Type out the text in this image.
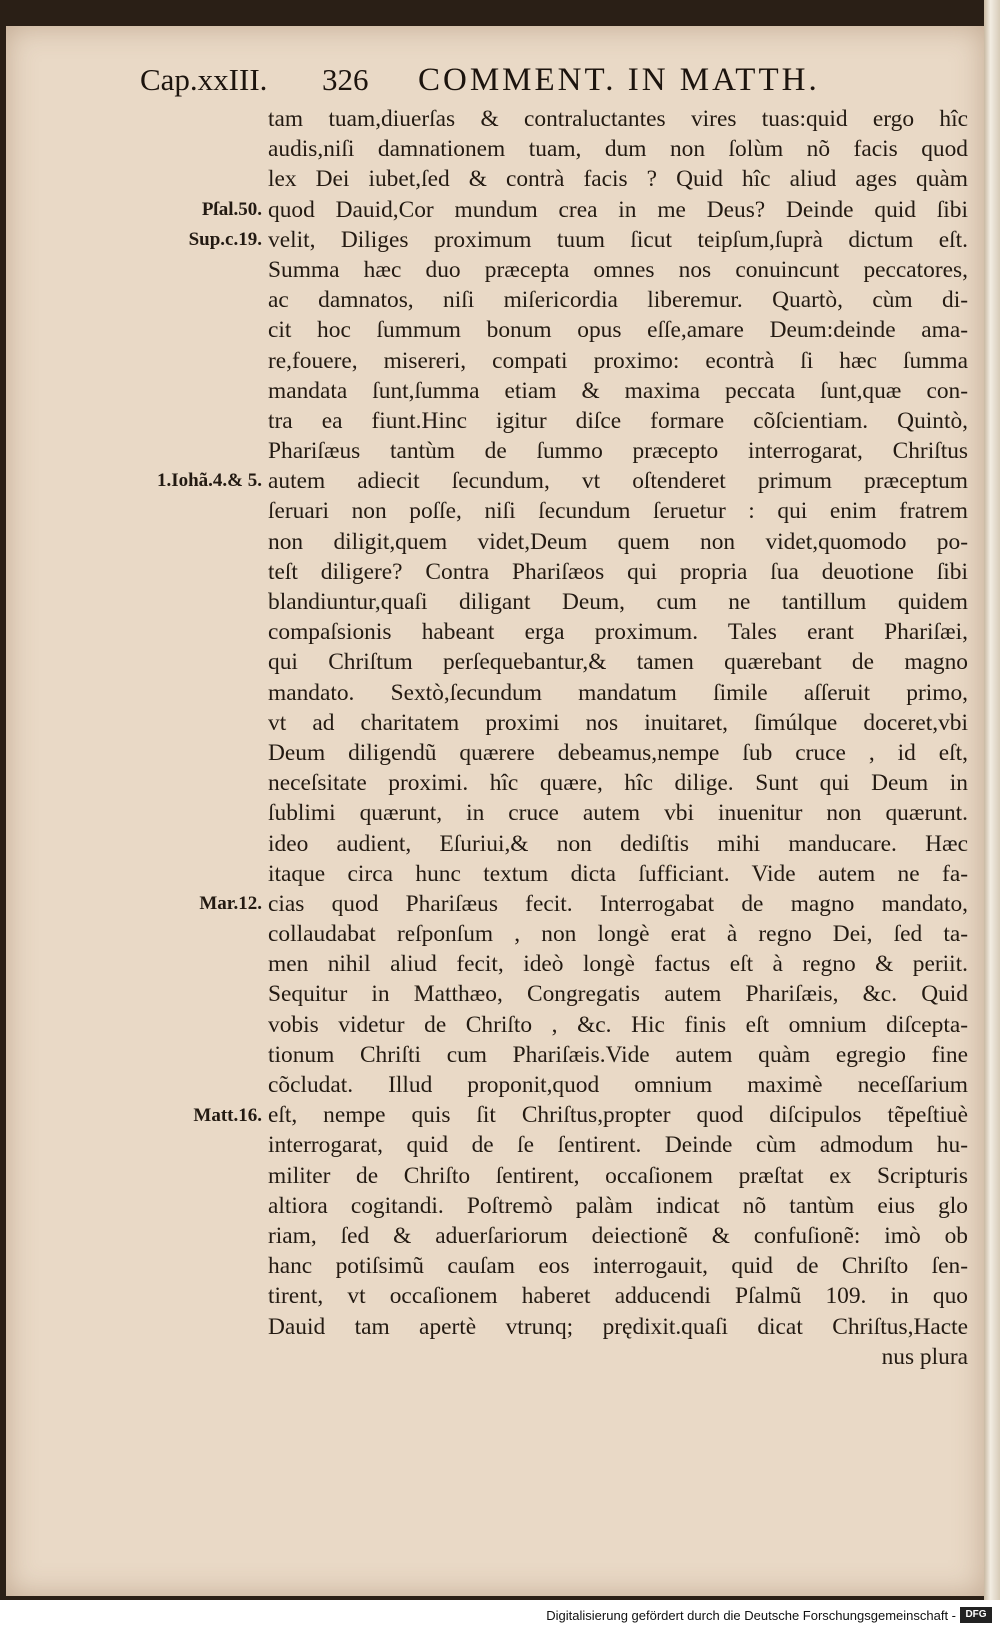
Cap.xxIII. 326 COMMENT. IN MATTH.
tam tuam,diuerſas & contraluctantes vires tuas:quid ergo hîc
audis,niſi damnationem tuam, dum non ſolùm nõ facis quod
lex Dei iubet,ſed & contrà facis ? Quid hîc aliud ages quàm
quod Dauid,Cor mundum crea in me Deus? Deinde quid ſibi
velit, Diliges proximum tuum ſicut teipſum,ſuprà dictum eſt.
Summa hæc duo præcepta omnes nos conuincunt peccatores,
ac damnatos, niſi miſericordia liberemur. Quartò, cùm di-
cit hoc ſummum bonum opus eſſe,amare Deum:deinde ama-
re,fouere, misereri, compati proximo: econtrà ſi hæc ſumma
mandata ſunt,ſumma etiam & maxima peccata ſunt,quæ con-
tra ea fiunt.Hinc igitur diſce formare cõſcientiam. Quintò,
Phariſæus tantùm de ſummo præcepto interrogarat, Chriſtus
autem adiecit ſecundum, vt oſtenderet primum præceptum
ſeruari non poſſe, niſi ſecundum ſeruetur : qui enim fratrem
non diligit,quem videt,Deum quem non videt,quomodo po-
teſt diligere? Contra Phariſæos qui propria ſua deuotione ſibi
blandiuntur,quaſi diligant Deum, cum ne tantillum quidem
compaſsionis habeant erga proximum. Tales erant Phariſæi,
qui Chriſtum perſequebantur,& tamen quærebant de magno
mandato. Sextò,ſecundum mandatum ſimile aſſeruit primo,
vt ad charitatem proximi nos inuitaret, ſimúlque doceret,vbi
Deum diligendũ quærere debeamus,nempe ſub cruce , id eſt,
neceſsitate proximi. hîc quære, hîc dilige. Sunt qui Deum in
ſublimi quærunt, in cruce autem vbi inuenitur non quærunt.
ideo audient, Eſuriui,& non dediſtis mihi manducare. Hæc
itaque circa hunc textum dicta ſufficiant. Vide autem ne fa-
cias quod Phariſæus fecit. Interrogabat de magno mandato,
collaudabat reſponſum , non longè erat à regno Dei, ſed ta-
men nihil aliud fecit, ideò longè factus eſt à regno & periit.
Sequitur in Matthæo, Congregatis autem Phariſæis, &c. Quid
vobis videtur de Chriſto , &c. Hic finis eſt omnium diſcepta-
tionum Chriſti cum Phariſæis.Vide autem quàm egregio fine
cõcludat. Illud proponit,quod omnium maximè neceſſarium
eſt, nempe quis ſit Chriſtus,propter quod diſcipulos tẽpeſtiuè
interrogarat, quid de ſe ſentirent. Deinde cùm admodum hu-
militer de Chriſto ſentirent, occaſionem præſtat ex Scripturis
altiora cogitandi. Poſtremò palàm indicat nõ tantùm eius glo
riam, ſed & aduerſariorum deiectionẽ & confuſionẽ: imò ob
hanc potiſsimũ cauſam eos interrogauit, quid de Chriſto ſen-
tirent, vt occaſionem haberet adducendi Pſalmũ 109. in quo
Dauid tam apertè vtrunq; prędixit.quaſi dicat Chriſtus,Hacte
nus plura
Pſal.50.
Sup.c.19.
1.Iohã.4.& 5.
Mar.12.
Matt.16.
Digitalisierung gefördert durch die Deutsche Forschungsgemeinschaft - DFG
